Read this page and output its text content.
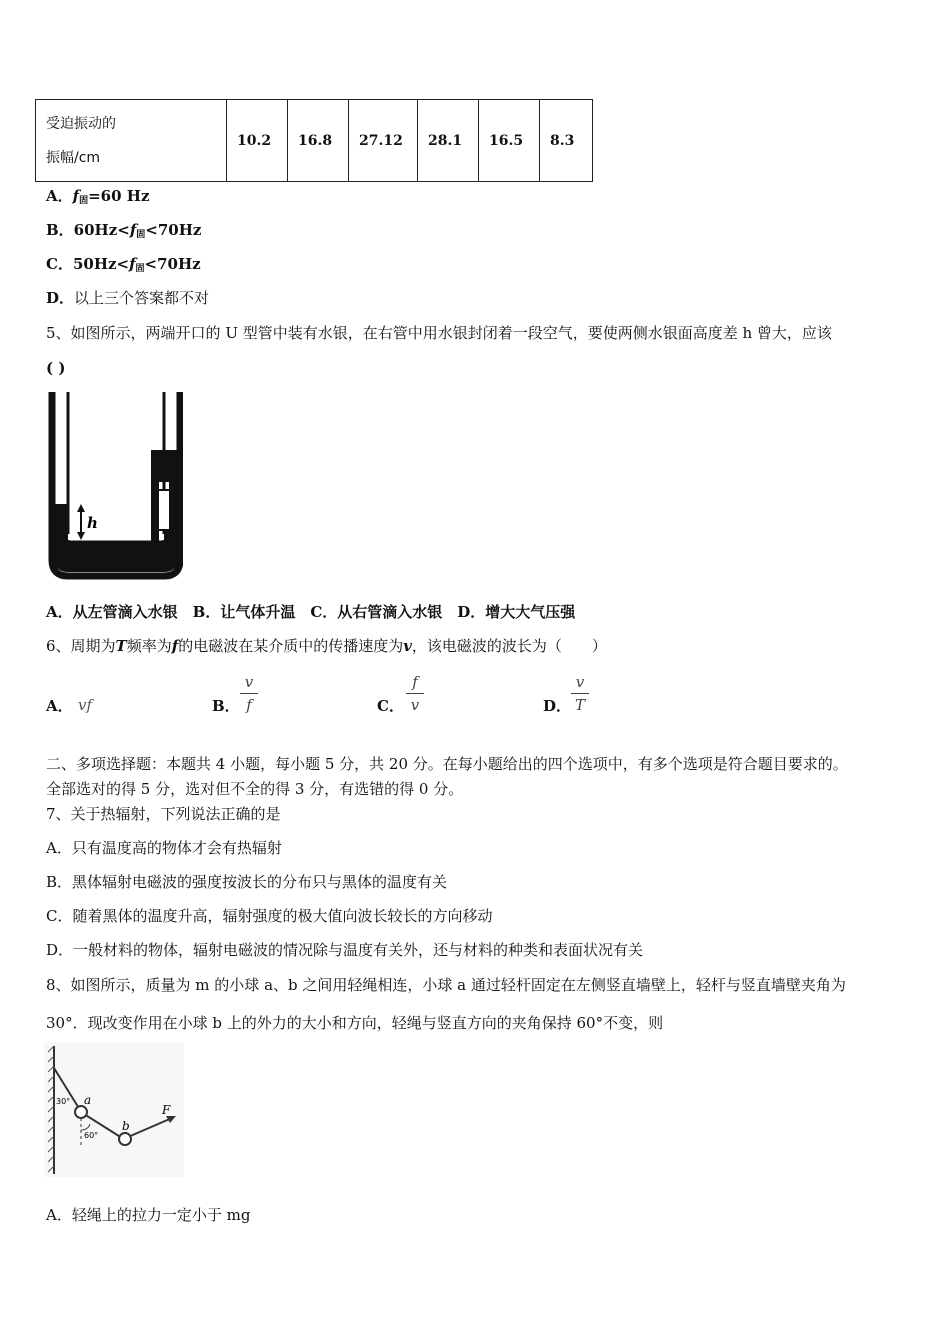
受迫振动的
振幅/cm
	10.2	16.8	27.12	28.1	16.5	8.3
A．$f_固=60$ Hz
B．$60Hz<f_固<70Hz$
C．$50Hz<f_固<70Hz$
D．以上三个答案都不对
5、如图所示，两端开口的 U 型管中装有水银，在右管中用水银封闭着一段空气，要使两侧水银面高度差 h 曾大，应该
( )
h
A．从左管滴入水银　B．让气体升温　C．从右管滴入水银　D．增大大气压强
6、周期为T频率为f的电磁波在某介质中的传播速度为v，该电磁波的波长为（　　）
A． vf	B．
v
f	C．
f
v	D．
v
T
二、多项选择题：本题共 4 小题，每小题 5 分，共 20 分。在每小题给出的四个选项中，有多个选项是符合题目要求的。
全部选对的得 5 分，选对但不全的得 3 分，有选错的得 0 分。
7、关于热辐射，下列说法正确的是
A．只有温度高的物体才会有热辐射
B．黑体辐射电磁波的强度按波长的分布只与黑体的温度有关
C．随着黑体的温度升高，辐射强度的极大值向波长较长的方向移动
D．一般材料的物体，辐射电磁波的情况除与温度有关外，还与材料的种类和表面状况有关
8、如图所示，质量为 m 的小球 a、b 之间用轻绳相连，小球 a 通过轻杆固定在左侧竖直墙壁上，轻杆与竖直墙壁夹角为
30°．现改变作用在小球 b 上的外力的大小和方向，轻绳与竖直方向的夹角保持 60°不变，则
30° a
60°
b
F
A．轻绳上的拉力一定小于 mg
